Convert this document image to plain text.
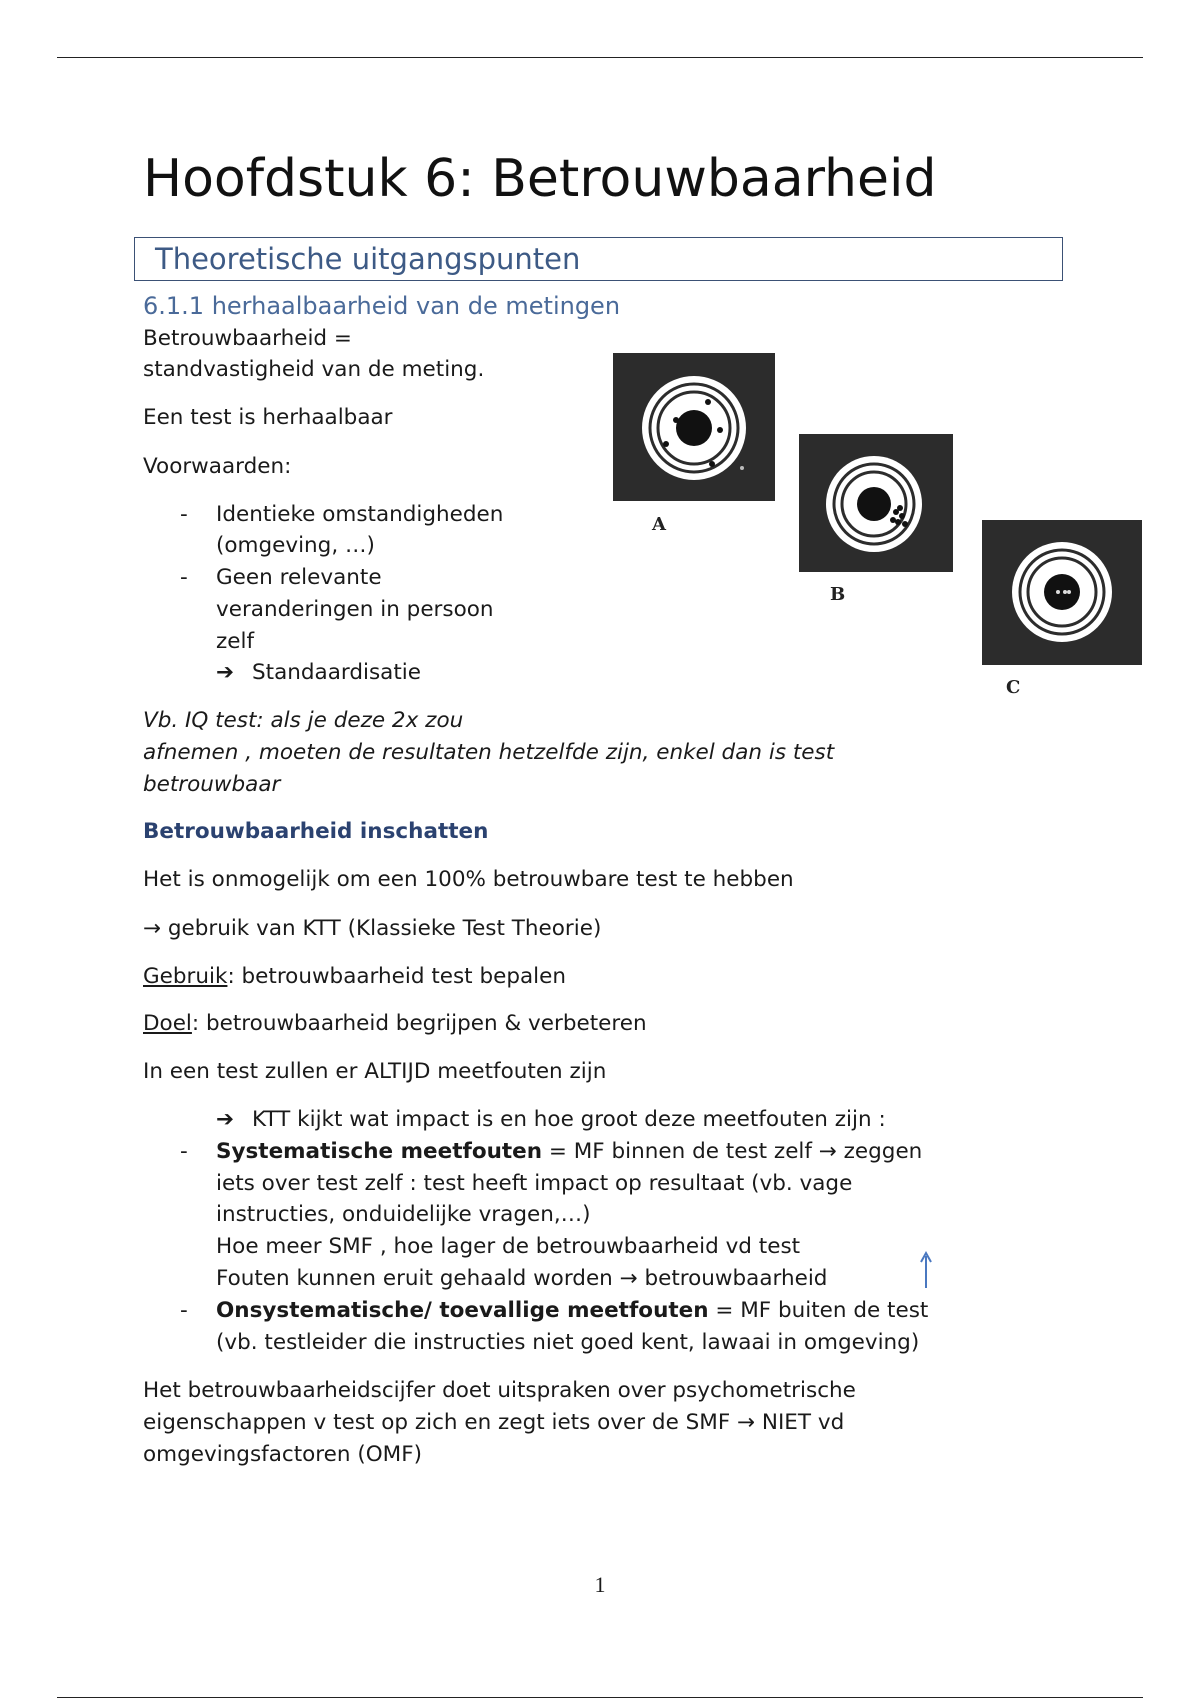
Hoofdstuk 6: Betrouwbaarheid
Theoretische uitgangspunten
6.1.1 herhaalbaarheid van de metingen
Betrouwbaarheid =
standvastigheid van de meting.
Een test is herhaalbaar
Voorwaarden:
- Identieke omstandigheden
(omgeving, …)
- Geen relevante
veranderingen in persoon
zelf
➔ Standaardisatie
Vb. IQ test: als je deze 2x zou
afnemen , moeten de resultaten hetzelfde zijn, enkel dan is test
betrouwbaar
A
B
C
Betrouwbaarheid inschatten
Het is onmogelijk om een 100% betrouwbare test te hebben
→ gebruik van KTT (Klassieke Test Theorie)
Gebruik: betrouwbaarheid test bepalen
Doel: betrouwbaarheid begrijpen & verbeteren
In een test zullen er ALTIJD meetfouten zijn
➔ KTT kijkt wat impact is en hoe groot deze meetfouten zijn :
- Systematische meetfouten = MF binnen de test zelf → zeggen
iets over test zelf : test heeft impact op resultaat (vb. vage
instructies, onduidelijke vragen,…)
Hoe meer SMF , hoe lager de betrouwbaarheid vd test
Fouten kunnen eruit gehaald worden → betrouwbaarheid
- Onsystematische/ toevallige meetfouten = MF buiten de test
(vb. testleider die instructies niet goed kent, lawaai in omgeving)
Het betrouwbaarheidscijfer doet uitspraken over psychometrische
eigenschappen v test op zich en zegt iets over de SMF → NIET vd
omgevingsfactoren (OMF)
1
